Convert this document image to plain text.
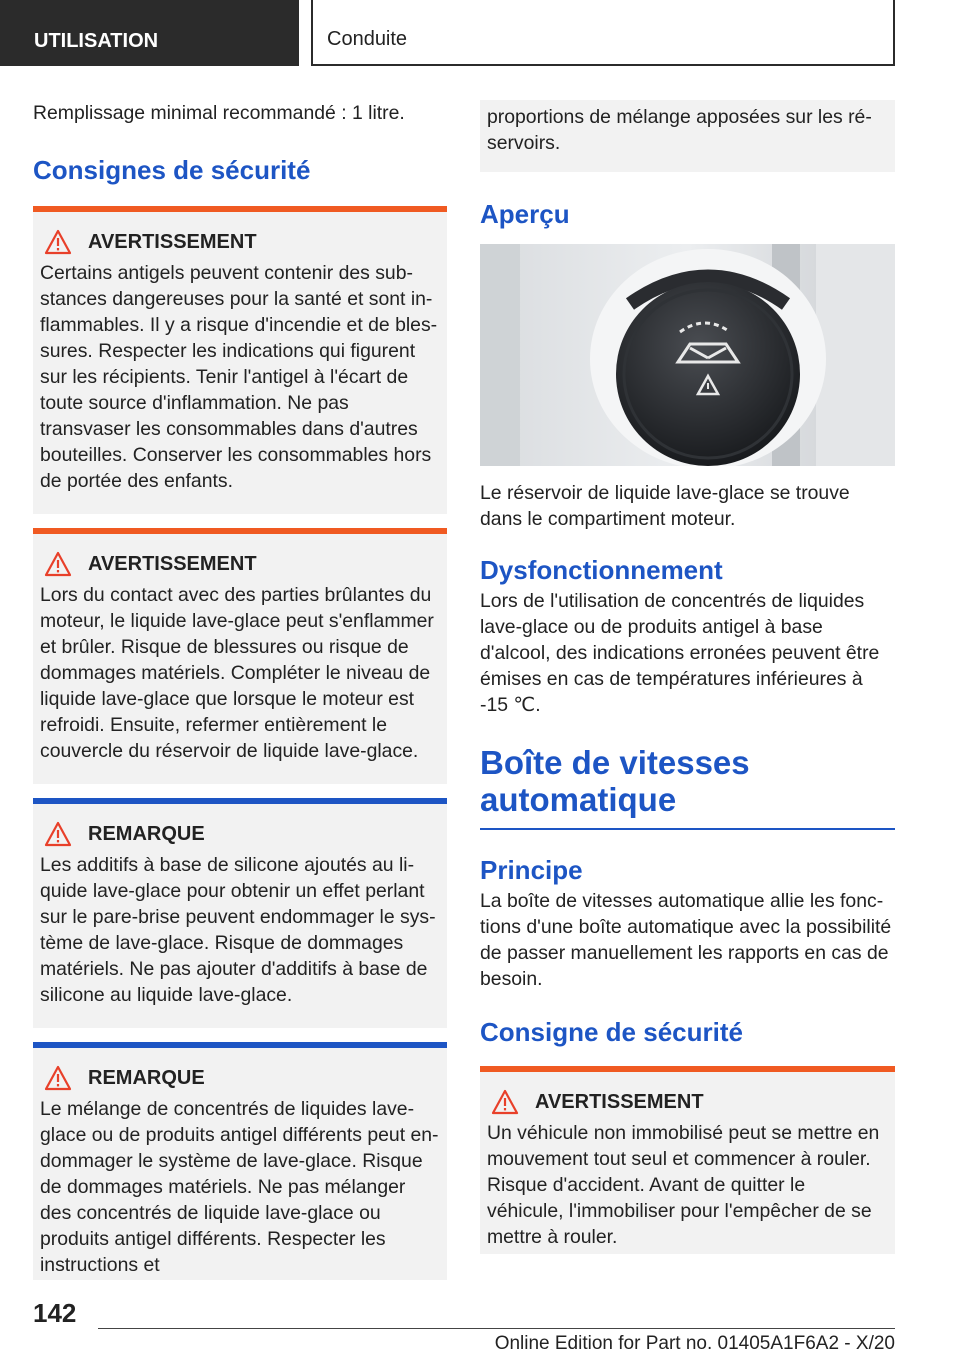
UTILISATION	Conduite

Remplissage minimal recommandé : 1 litre.

Consignes de sécurité
AVERTISSEMENT

Certains antigels peuvent contenir des substances dangereuses pour la santé et sont inflammables. Il y a risque d'incendie et de blessures. Respecter les indications qui figurent sur les récipients. Tenir l'antigel à l'écart de toute source d'inflammation. Ne pas transvaser les consommables dans d'autres bouteilles. Conserver les consommables hors de portée des enfants.

AVERTISSEMENT

Lors du contact avec des parties brûlantes du moteur, le liquide lave-glace peut s'enflammer et brûler. Risque de blessures ou risque de dommages matériels. Compléter le niveau de liquide lave-glace que lorsque le moteur est refroidi. Ensuite, refermer entièrement le couvercle du réservoir de liquide lave-glace.

REMARQUE

Les additifs à base de silicone ajoutés au liquide lave-glace pour obtenir un effet perlant sur le pare-brise peuvent endommager le système de lave-glace. Risque de dommages matériels. Ne pas ajouter d'additifs à base de silicone au liquide lave-glace.

REMARQUE

Le mélange de concentrés de liquides lave-glace ou de produits antigel différents peut endommager le système de lave-glace. Risque de dommages matériels. Ne pas mélanger des concentrés de liquide lave-glace ou produits antigel différents. Respecter les instructions et

proportions de mélange apposées sur les réservoirs.

Aperçu

Le réservoir de liquide lave-glace se trouve dans le compartiment moteur.

Dysfonctionnement

Lors de l'utilisation de concentrés de liquides lave-glace ou de produits antigel à base d'alcool, des indications erronées peuvent être émises en cas de températures inférieures à -15 ℃.

Boîte de vitesses
automatique
Principe

La boîte de vitesses automatique allie les fonctions d'une boîte automatique avec la possibilité de passer manuellement les rapports en cas de besoin.

Consigne de sécurité
AVERTISSEMENT

Un véhicule non immobilisé peut se mettre en mouvement tout seul et commencer à rouler. Risque d'accident. Avant de quitter le véhicule, l'immobiliser pour l'empêcher de se mettre à rouler.

142
Online Edition for Part no. 01405A1F6A2 - X/20
